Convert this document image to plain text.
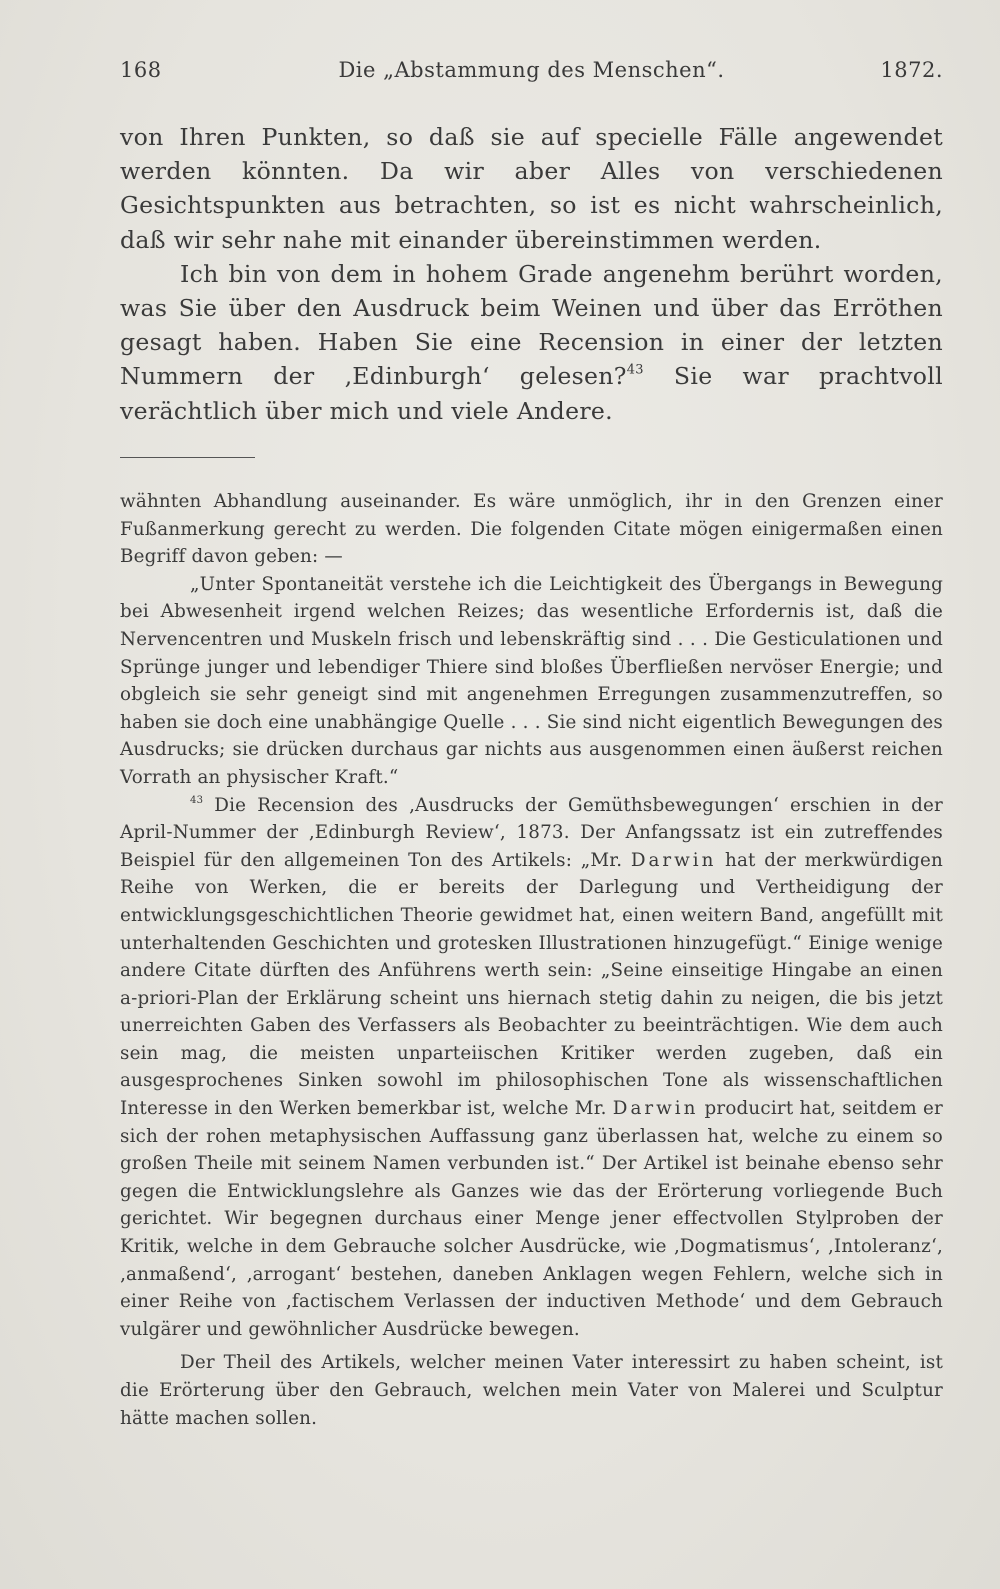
168	Die „Abstammung des Menschen“.	1872.

von Ihren Punkten, so daß sie auf specielle Fälle angewendet werden könnten. Da wir aber Alles von verschiedenen Gesichtspunkten aus betrachten, so ist es nicht wahrscheinlich, daß wir sehr nahe mit einander übereinstimmen werden.

Ich bin von dem in hohem Grade angenehm berührt worden, was Sie über den Ausdruck beim Weinen und über das Erröthen gesagt haben. Haben Sie eine Recension in einer der letzten Nummern der ‚Edinburgh‘ gelesen?$^{43}$ Sie war prachtvoll verächtlich über mich und viele Andere.

wähnten Abhandlung auseinander. Es wäre unmöglich, ihr in den Grenzen einer Fußanmerkung gerecht zu werden. Die folgenden Citate mögen einigermaßen einen Begriff davon geben: —

„Unter Spontaneität verstehe ich die Leichtigkeit des Übergangs in Bewegung bei Abwesenheit irgend welchen Reizes; das wesentliche Erfordernis ist, daß die Nervencentren und Muskeln frisch und lebenskräftig sind . . . Die Gesticulationen und Sprünge junger und lebendiger Thiere sind bloßes Überfließen nervöser Energie; und obgleich sie sehr geneigt sind mit angenehmen Erregungen zusammenzutreffen, so haben sie doch eine unabhängige Quelle . . . Sie sind nicht eigentlich Bewegungen des Ausdrucks; sie drücken durchaus gar nichts aus ausgenommen einen äußerst reichen Vorrath an physischer Kraft.“

$^{43}$ Die Recension des ‚Ausdrucks der Gemüthsbewegungen‘ erschien in der April-Nummer der ‚Edinburgh Review‘, 1873. Der Anfangssatz ist ein zutreffendes Beispiel für den allgemeinen Ton des Artikels: „Mr. Darwin hat der merkwürdigen Reihe von Werken, die er bereits der Darlegung und Vertheidigung der entwicklungsgeschichtlichen Theorie gewidmet hat, einen weitern Band, angefüllt mit unterhaltenden Geschichten und grotesken Illustrationen hinzugefügt.“ Einige wenige andere Citate dürften des Anführens werth sein: „Seine einseitige Hingabe an einen a-priori-Plan der Erklärung scheint uns hiernach stetig dahin zu neigen, die bis jetzt unerreichten Gaben des Verfassers als Beobachter zu beeinträchtigen. Wie dem auch sein mag, die meisten unparteiischen Kritiker werden zugeben, daß ein ausgesprochenes Sinken sowohl im philosophischen Tone als wissenschaftlichen Interesse in den Werken bemerkbar ist, welche Mr. Darwin producirt hat, seitdem er sich der rohen metaphysischen Auffassung ganz überlassen hat, welche zu einem so großen Theile mit seinem Namen verbunden ist.“ Der Artikel ist beinahe ebenso sehr gegen die Entwicklungslehre als Ganzes wie das der Erörterung vorliegende Buch gerichtet. Wir begegnen durchaus einer Menge jener effectvollen Stylproben der Kritik, welche in dem Gebrauche solcher Ausdrücke, wie ‚Dogmatismus‘, ‚Intoleranz‘, ‚anmaßend‘, ‚arrogant‘ bestehen, daneben Anklagen wegen Fehlern, welche sich in einer Reihe von ‚factischem Verlassen der inductiven Methode‘ und dem Gebrauch vulgärer und gewöhnlicher Ausdrücke bewegen.

Der Theil des Artikels, welcher meinen Vater interessirt zu haben scheint, ist die Erörterung über den Gebrauch, welchen mein Vater von Malerei und Sculptur hätte machen sollen.
